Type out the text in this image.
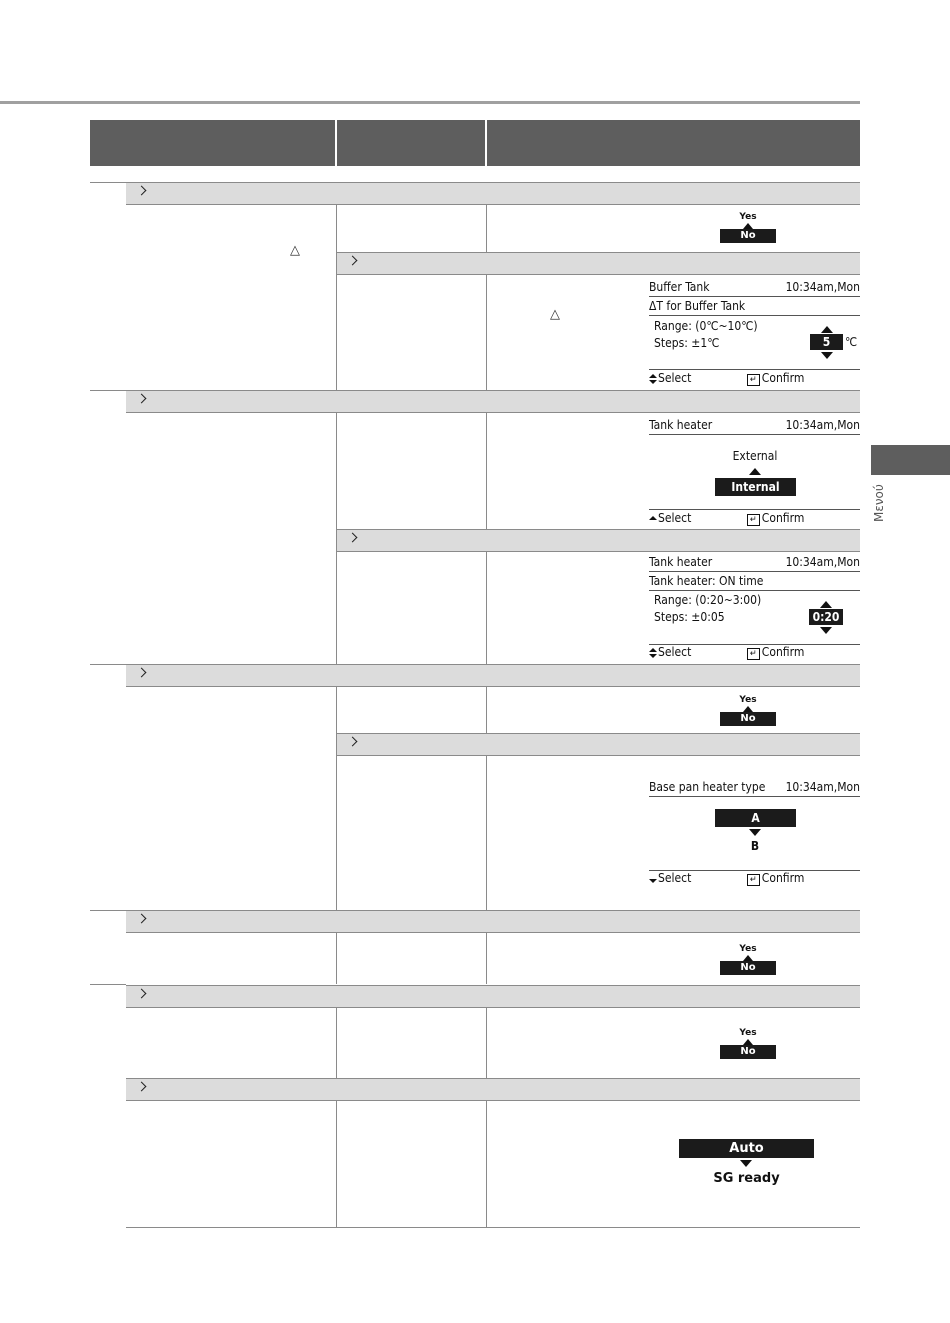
Μενού
△
△
Yes
No
Yes
No
Yes
No
Yes
No
Buffer Tank	10:34am,Mon
ΔT for Buffer Tank
Range: (0℃~10℃)
Steps: ±1℃	5	℃
Select	↵ Confirm
Tank heater	10:34am,Mon
External
Internal
Select	↵ Confirm
Tank heater	10:34am,Mon
Tank heater: ON time
Range: (0:20~3:00)
Steps: ±0:05	0:20
Select	↵ Confirm
Base pan heater type 10:34am,Mon
A
B
Select	↵ Confirm
Auto
SG ready
